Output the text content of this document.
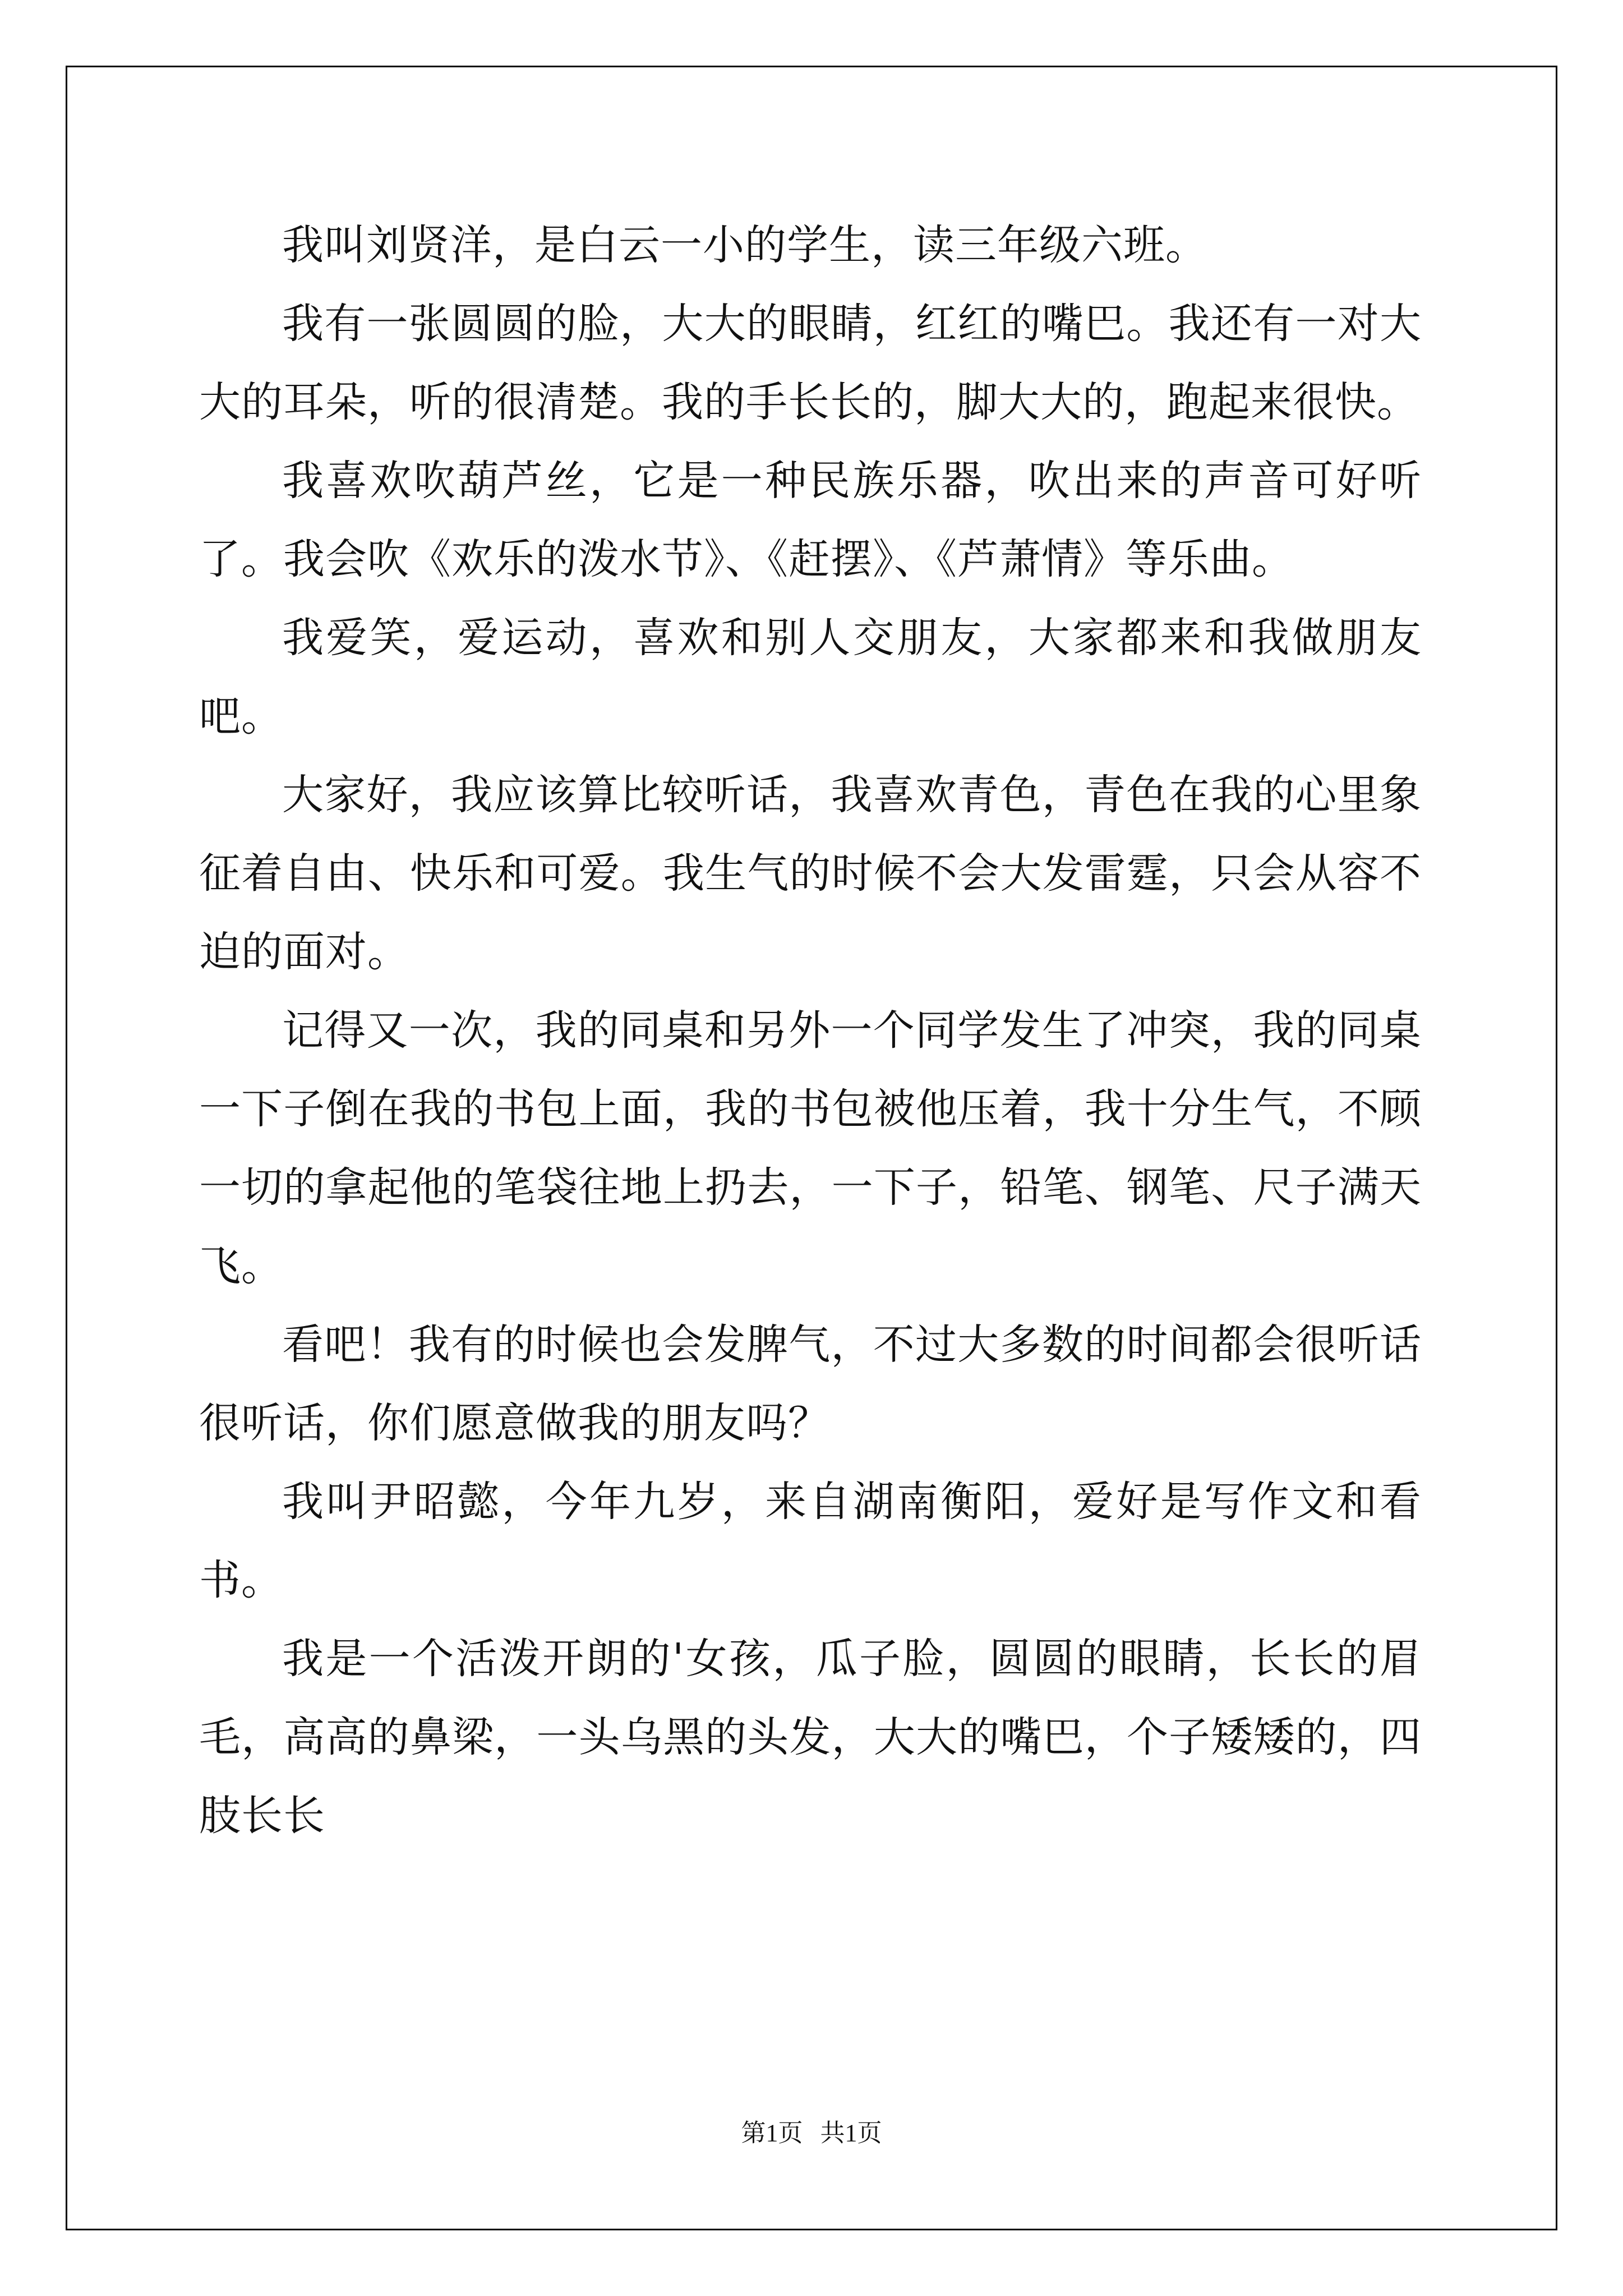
我叫刘贤洋，是白云一小的学生，读三年级六班。

我有一张圆圆的脸，大大的眼睛，红红的嘴巴。我还有一对大大的耳朵，听的很清楚。我的手长长的，脚大大的，跑起来很快。

我喜欢吹葫芦丝，它是一种民族乐器，吹出来的声音可好听了。我会吹《欢乐的泼水节》、《赶摆》、《芦萧情》等乐曲。

我爱笑，爱运动，喜欢和别人交朋友，大家都来和我做朋友吧。

大家好，我应该算比较听话，我喜欢青色，青色在我的心里象征着自由、快乐和可爱。我生气的时候不会大发雷霆，只会从容不迫的面对。

记得又一次，我的同桌和另外一个同学发生了冲突，我的同桌一下子倒在我的书包上面，我的书包被他压着，我十分生气，不顾一切的拿起他的笔袋往地上扔去，一下子，铅笔、钢笔、尺子满天飞。

看吧！我有的时候也会发脾气，不过大多数的时间都会很听话很听话，你们愿意做我的朋友吗？

我叫尹昭懿，今年九岁，来自湖南衡阳，爱好是写作文和看书。

我是一个活泼开朗的'女孩，瓜子脸，圆圆的眼睛，长长的眉毛，高高的鼻梁，一头乌黑的头发，大大的嘴巴，个子矮矮的，四肢长长

第1页 共1页
